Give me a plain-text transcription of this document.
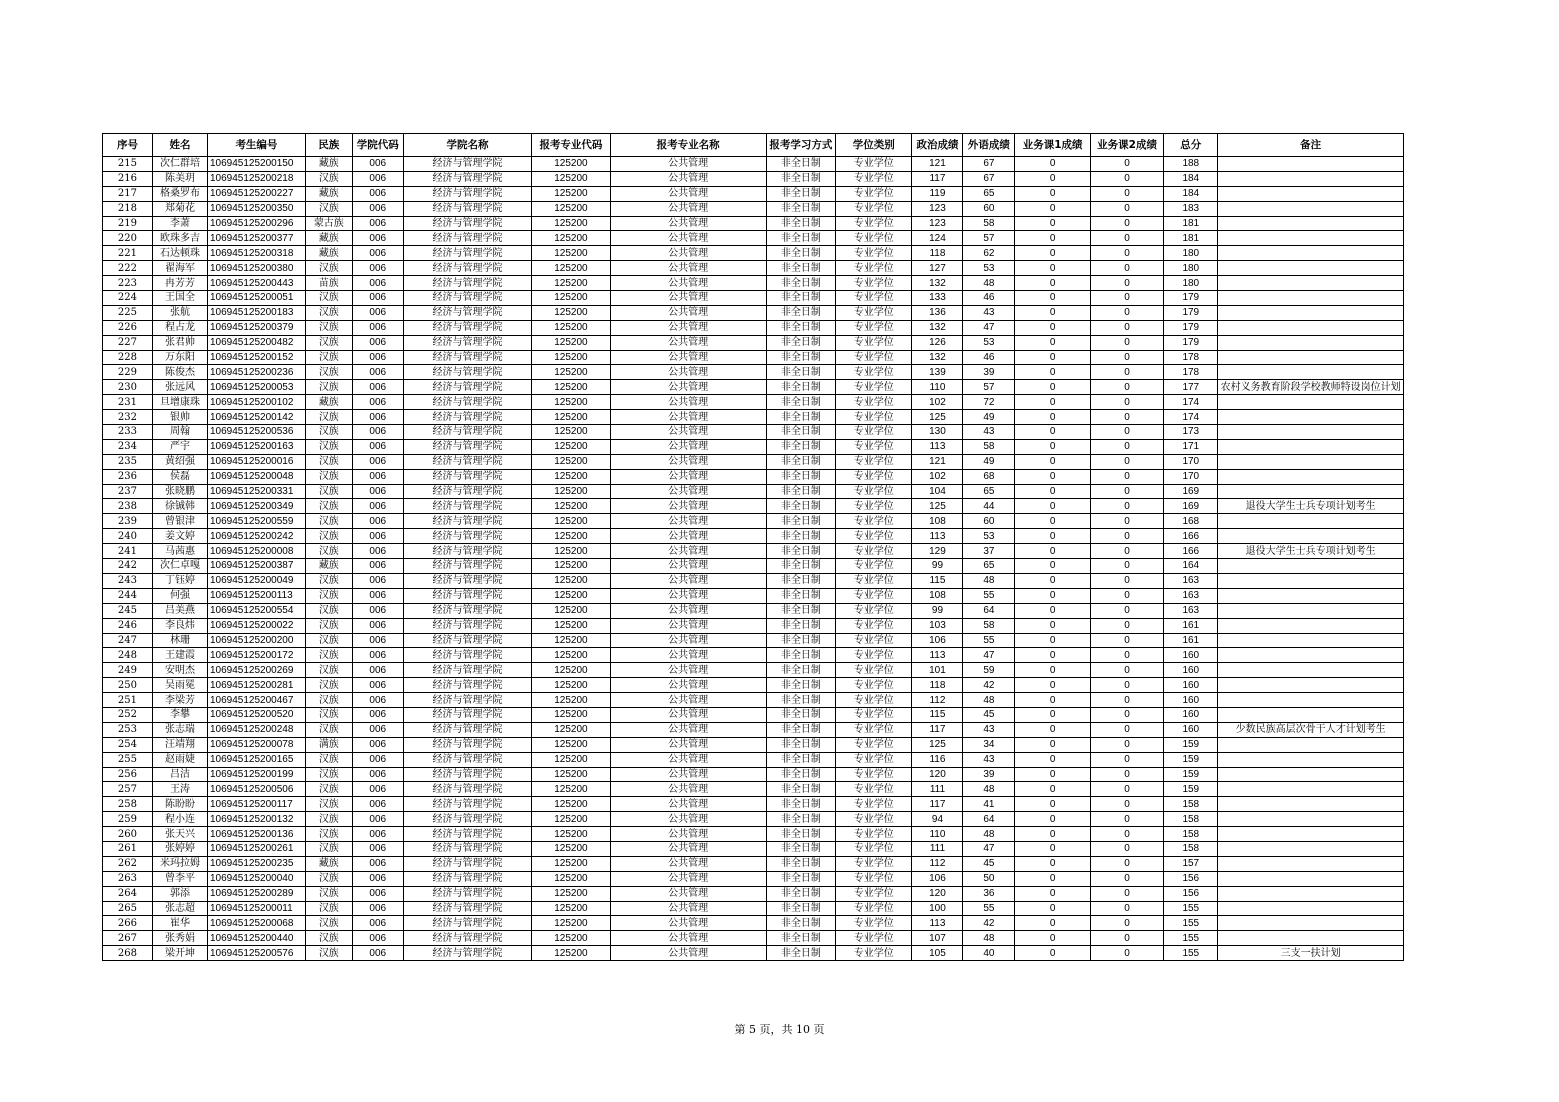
序号	姓名	考生编号	民族	学院代码	学院名称	报考专业代码	报考专业名称	报考学习方式	学位类别	政治成绩	外语成绩	业务课1成绩	业务课2成绩	总分	备注
215	次仁群培	106945125200150	藏族	006	经济与管理学院	125200	公共管理	非全日制	专业学位	121	67	0	0	188	
216	陈美玥	106945125200218	汉族	006	经济与管理学院	125200	公共管理	非全日制	专业学位	117	67	0	0	184	
217	格桑罗布	106945125200227	藏族	006	经济与管理学院	125200	公共管理	非全日制	专业学位	119	65	0	0	184	
218	郑菊花	106945125200350	汉族	006	经济与管理学院	125200	公共管理	非全日制	专业学位	123	60	0	0	183	
219	李萧	106945125200296	蒙古族	006	经济与管理学院	125200	公共管理	非全日制	专业学位	123	58	0	0	181	
220	欧珠多吉	106945125200377	藏族	006	经济与管理学院	125200	公共管理	非全日制	专业学位	124	57	0	0	181	
221	石达顿珠	106945125200318	藏族	006	经济与管理学院	125200	公共管理	非全日制	专业学位	118	62	0	0	180	
222	翟海军	106945125200380	汉族	006	经济与管理学院	125200	公共管理	非全日制	专业学位	127	53	0	0	180	
223	冉芳芳	106945125200443	苗族	006	经济与管理学院	125200	公共管理	非全日制	专业学位	132	48	0	0	180	
224	王国全	106945125200051	汉族	006	经济与管理学院	125200	公共管理	非全日制	专业学位	133	46	0	0	179	
225	张航	106945125200183	汉族	006	经济与管理学院	125200	公共管理	非全日制	专业学位	136	43	0	0	179	
226	程占龙	106945125200379	汉族	006	经济与管理学院	125200	公共管理	非全日制	专业学位	132	47	0	0	179	
227	张君帅	106945125200482	汉族	006	经济与管理学院	125200	公共管理	非全日制	专业学位	126	53	0	0	179	
228	万东阳	106945125200152	汉族	006	经济与管理学院	125200	公共管理	非全日制	专业学位	132	46	0	0	178	
229	陈俊杰	106945125200236	汉族	006	经济与管理学院	125200	公共管理	非全日制	专业学位	139	39	0	0	178	
230	张远风	106945125200053	汉族	006	经济与管理学院	125200	公共管理	非全日制	专业学位	110	57	0	0	177	农村义务教育阶段学校教师特设岗位计划
231	旦增康珠	106945125200102	藏族	006	经济与管理学院	125200	公共管理	非全日制	专业学位	102	72	0	0	174	
232	银帅	106945125200142	汉族	006	经济与管理学院	125200	公共管理	非全日制	专业学位	125	49	0	0	174	
233	周翰	106945125200536	汉族	006	经济与管理学院	125200	公共管理	非全日制	专业学位	130	43	0	0	173	
234	严宇	106945125200163	汉族	006	经济与管理学院	125200	公共管理	非全日制	专业学位	113	58	0	0	171	
235	黄绍强	106945125200016	汉族	006	经济与管理学院	125200	公共管理	非全日制	专业学位	121	49	0	0	170	
236	侯磊	106945125200048	汉族	006	经济与管理学院	125200	公共管理	非全日制	专业学位	102	68	0	0	170	
237	张晓鹏	106945125200331	汉族	006	经济与管理学院	125200	公共管理	非全日制	专业学位	104	65	0	0	169	
238	徐铖韩	106945125200349	汉族	006	经济与管理学院	125200	公共管理	非全日制	专业学位	125	44	0	0	169	退役大学生士兵专项计划考生
239	曾银津	106945125200559	汉族	006	经济与管理学院	125200	公共管理	非全日制	专业学位	108	60	0	0	168	
240	姜文婷	106945125200242	汉族	006	经济与管理学院	125200	公共管理	非全日制	专业学位	113	53	0	0	166	
241	马茜惠	106945125200008	汉族	006	经济与管理学院	125200	公共管理	非全日制	专业学位	129	37	0	0	166	退役大学生士兵专项计划考生
242	次仁卓嘎	106945125200387	藏族	006	经济与管理学院	125200	公共管理	非全日制	专业学位	99	65	0	0	164	
243	丁钰婷	106945125200049	汉族	006	经济与管理学院	125200	公共管理	非全日制	专业学位	115	48	0	0	163	
244	何强	106945125200113	汉族	006	经济与管理学院	125200	公共管理	非全日制	专业学位	108	55	0	0	163	
245	吕美燕	106945125200554	汉族	006	经济与管理学院	125200	公共管理	非全日制	专业学位	99	64	0	0	163	
246	李良炜	106945125200022	汉族	006	经济与管理学院	125200	公共管理	非全日制	专业学位	103	58	0	0	161	
247	林珊	106945125200200	汉族	006	经济与管理学院	125200	公共管理	非全日制	专业学位	106	55	0	0	161	
248	王建霞	106945125200172	汉族	006	经济与管理学院	125200	公共管理	非全日制	专业学位	113	47	0	0	160	
249	安明杰	106945125200269	汉族	006	经济与管理学院	125200	公共管理	非全日制	专业学位	101	59	0	0	160	
250	吴雨冕	106945125200281	汉族	006	经济与管理学院	125200	公共管理	非全日制	专业学位	118	42	0	0	160	
251	李梁芳	106945125200467	汉族	006	经济与管理学院	125200	公共管理	非全日制	专业学位	112	48	0	0	160	
252	李攀	106945125200520	汉族	006	经济与管理学院	125200	公共管理	非全日制	专业学位	115	45	0	0	160	
253	张志瑞	106945125200248	汉族	006	经济与管理学院	125200	公共管理	非全日制	专业学位	117	43	0	0	160	少数民族高层次骨干人才计划考生
254	汪靖翔	106945125200078	满族	006	经济与管理学院	125200	公共管理	非全日制	专业学位	125	34	0	0	159	
255	赵雨婕	106945125200165	汉族	006	经济与管理学院	125200	公共管理	非全日制	专业学位	116	43	0	0	159	
256	吕洁	106945125200199	汉族	006	经济与管理学院	125200	公共管理	非全日制	专业学位	120	39	0	0	159	
257	王涛	106945125200506	汉族	006	经济与管理学院	125200	公共管理	非全日制	专业学位	111	48	0	0	159	
258	陈盼盼	106945125200117	汉族	006	经济与管理学院	125200	公共管理	非全日制	专业学位	117	41	0	0	158	
259	程小连	106945125200132	汉族	006	经济与管理学院	125200	公共管理	非全日制	专业学位	94	64	0	0	158	
260	张天兴	106945125200136	汉族	006	经济与管理学院	125200	公共管理	非全日制	专业学位	110	48	0	0	158	
261	张婷婷	106945125200261	汉族	006	经济与管理学院	125200	公共管理	非全日制	专业学位	111	47	0	0	158	
262	米玛拉姆	106945125200235	藏族	006	经济与管理学院	125200	公共管理	非全日制	专业学位	112	45	0	0	157	
263	曾李平	106945125200040	汉族	006	经济与管理学院	125200	公共管理	非全日制	专业学位	106	50	0	0	156	
264	郭添	106945125200289	汉族	006	经济与管理学院	125200	公共管理	非全日制	专业学位	120	36	0	0	156	
265	张志超	106945125200011	汉族	006	经济与管理学院	125200	公共管理	非全日制	专业学位	100	55	0	0	155	
266	崔华	106945125200068	汉族	006	经济与管理学院	125200	公共管理	非全日制	专业学位	113	42	0	0	155	
267	张秀娟	106945125200440	汉族	006	经济与管理学院	125200	公共管理	非全日制	专业学位	107	48	0	0	155	
268	梁开坤	106945125200576	汉族	006	经济与管理学院	125200	公共管理	非全日制	专业学位	105	40	0	0	155	三支一扶计划
第 5 页，共 10 页
